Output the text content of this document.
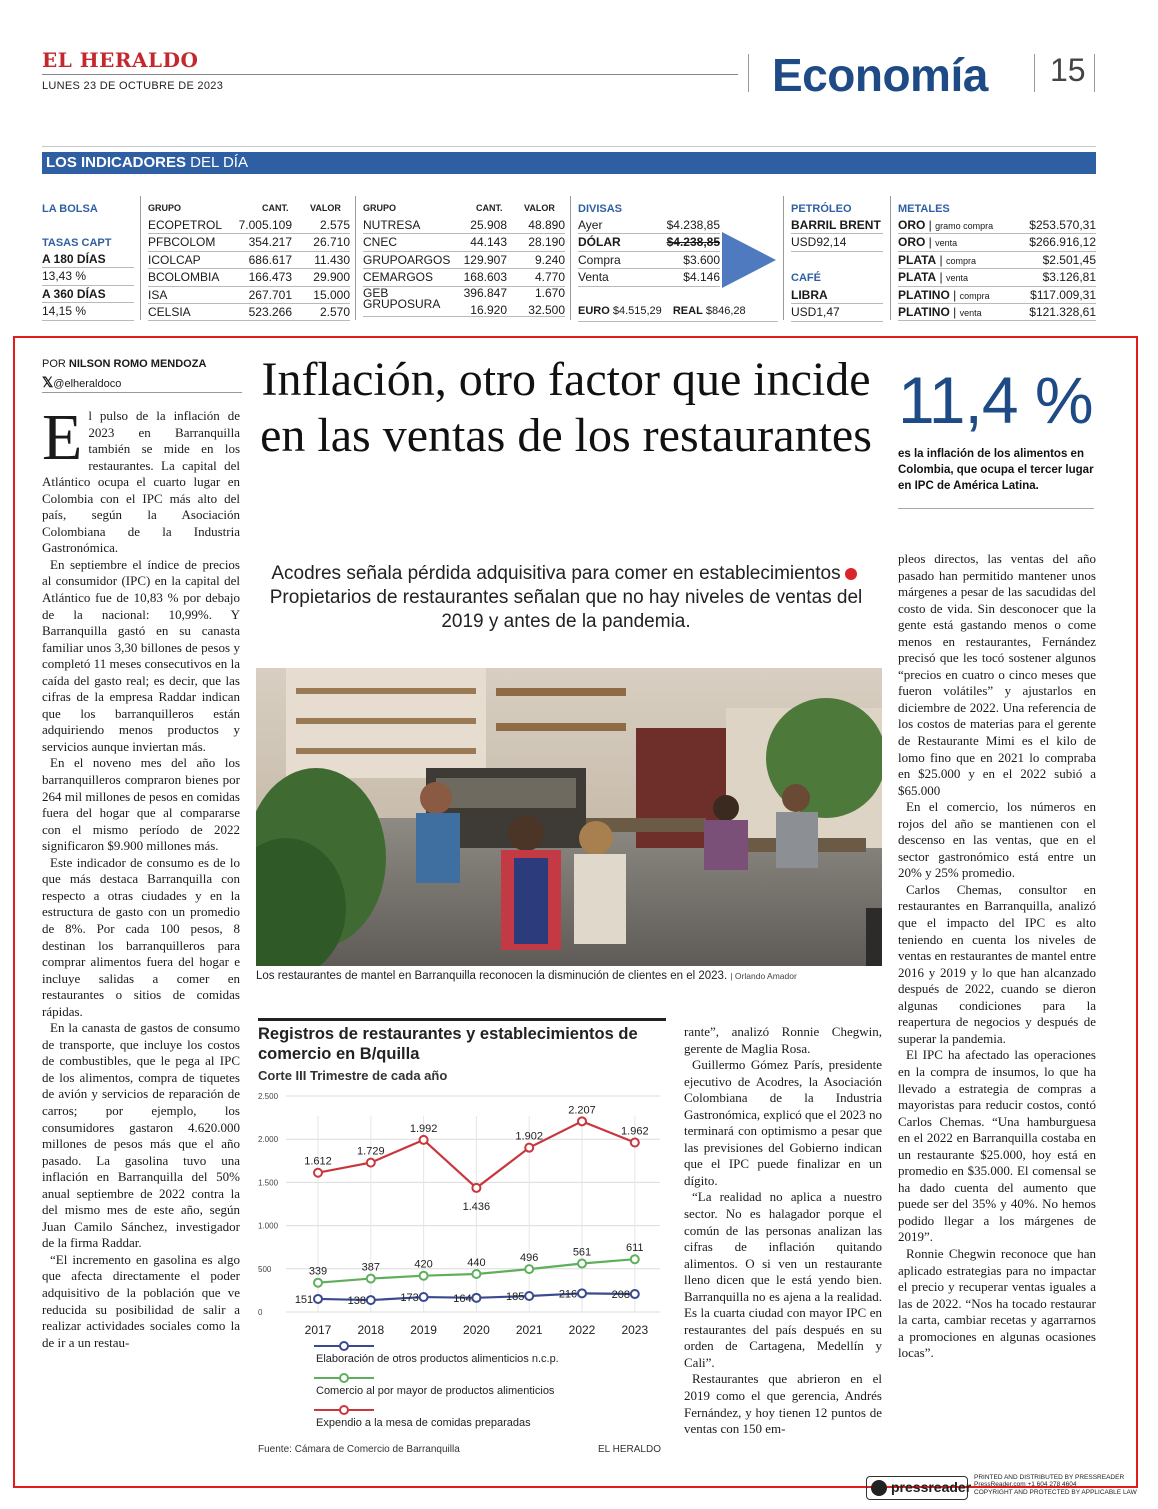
EL HERALDO
LUNES 23 DE OCTUBRE DE 2023	Economía 15
LOS INDICADORES DEL DÍA
LA BOLSA
TASAS CAPT
A 180 DÍAS
13,43 %
A 360 DÍAS
14,15 %
GRUPO	CANT. VALOR
ECOPETROL 7.005.109 2.575
PFBCOLOM	354.217 26.710
ICOLCAP	686.617 11.430
BCOLOMBIA 166.473 29.900
ISA	267.701 15.000
CELSIA	523.266 2.570
GRUPO	CANT. VALOR
NUTRESA	25.908 48.890
CNEC	44.143 28.190
GRUPOARGOS 129.907 9.240
CEMARGOS	168.603 4.770
GEB	396.847 1.670
GRUPOSURA 16.920 32.500
DIVISAS
Ayer	$4.238,85
DÓLAR	$4.238,85
Compra	$3.600
Venta	$4.146
EURO $4.515,29 REAL $846,28
PETRÓLEO
BARRIL BRENT
USD92,14
CAFÉ
LIBRA
USD1,47
METALES
ORO | gramo compra	$253.570,31
ORO | venta	$266.916,12
PLATA | compra	$2.501,45
PLATA | venta	$3.126,81
PLATINO | compra	$117.009,31
PLATINO | venta	$121.328,61
POR NILSON ROMO MENDOZA
𝕏@elheraldoco	Inflación, otro factor que incide en las ventas de los restaurantes 11,4 %
es la inflación de los alimentos en Colombia, que ocupa el tercer lugar en IPC de América Latina.
Acodres señala pérdida adquisitiva para comer en establecimientosPropietarios de restaurantes señalan que no hay niveles de ventas del 2019 y antes de la pandemia.
E l pulso de la inflación de 2023 en Barranquilla también se mide en los restaurantes. La capital del Atlántico ocupa el cuarto lugar en Colombia con el IPC más alto del país, según la Asociación Colombiana de la Industria Gastronómica.

En septiembre el índice de precios al consumidor (IPC) en la capital del Atlántico fue de 10,83 % por debajo de la nacional: 10,99%. Y Barranquilla gastó en su canasta familiar unos 3,30 billones de pesos y completó 11 meses consecutivos en la caída del gasto real; es decir, que las cifras de la empresa Raddar indican que los barranquilleros están adquiriendo menos productos y servicios aunque inviertan más.

En el noveno mes del año los barranquilleros compraron bienes por 264 mil millones de pesos en comidas fuera del hogar que al compararse con el mismo período de 2022 significaron $9.900 millones más.

Este indicador de consumo es de lo que más destaca Barranquilla con respecto a otras ciudades y en la estructura de gasto con un promedio de 8%. Por cada 100 pesos, 8 destinan los barranquilleros para comprar alimentos fuera del hogar e incluye salidas a comer en restaurantes o sitios de comidas rápidas.

En la canasta de gastos de consumo de transporte, que incluye los costos de combustibles, que le pega al IPC de los alimentos, compra de tiquetes de avión y servicios de reparación de carros; por ejemplo, los consumidores gastaron 4.620.000 millones de pesos más que el año pasado. La gasolina tuvo una inflación en Barranquilla del 50% anual septiembre de 2022 contra la del mismo mes de este año, según Juan Camilo Sánchez, investigador de la firma Raddar.

“El incremento en gasolina es algo que afecta directamente el poder adquisitivo de la población que ve reducida su posibilidad de salir a realizar actividades sociales como la de ir a un restau-

Los restaurantes de mantel en Barranquilla reconocen la disminución de clientes en el 2023. | Orlando Amador
Registros de restaurantes y establecimientos de comercio en B/quilla
Corte III Trimestre de cada año
2.500
2.000
1.500
1.000
500
0
1.612
1.729
1.992
1.436
1.902
2.207
1.962
339	387	420	440	496	561	611
151	138	173	164	185	216	208
2017 2018 2019 2020 2021 2022 2023
Elaboración de otros productos alimenticios n.c.p.
Comercio al por mayor de productos alimenticios
Expendio a la mesa de comidas preparadas
Fuente: Cámara de Comercio de Barranquilla	EL HERALDO

rante”, analizó Ronnie Chegwin, gerente de Maglia Rosa.

Guillermo Gómez París, presidente ejecutivo de Acodres, la Asociación Colombiana de la Industria Gastronómica, explicó que el 2023 no terminará con optimismo a pesar que las previsiones del Gobierno indican que el IPC puede finalizar en un dígito.

“La realidad no aplica a nuestro sector. No es halagador porque el común de las personas analizan las cifras de inflación quitando alimentos. O si ven un restaurante lleno dicen que le está yendo bien. Barranquilla no es ajena a la realidad. Es la cuarta ciudad con mayor IPC en restaurantes del país después en su orden de Cartagena, Medellín y Cali”.

Restaurantes que abrieron en el 2019 como el que gerencia, Andrés Fernández, y hoy tienen 12 puntos de ventas con 150 em-

pleos directos, las ventas del año pasado han permitido mantener unos márgenes a pesar de las sacudidas del costo de vida. Sin desconocer que la gente está gastando menos o come menos en restaurantes, Fernández precisó que les tocó sostener algunos “precios en cuatro o cinco meses que fueron volátiles” y ajustarlos en diciembre de 2022. Una referencia de los costos de materias para el gerente de Restaurante Mimi es el kilo de lomo fino que en 2021 lo compraba en $25.000 y en el 2022 subió a $65.000

En el comercio, los números en rojos del año se mantienen con el descenso en las ventas, que en el sector gastronómico está entre un 20% y 25% promedio.

Carlos Chemas, consultor en restaurantes en Barranquilla, analizó que el impacto del IPC es alto teniendo en cuenta los niveles de ventas en restaurantes de mantel entre 2016 y 2019 y lo que han alcanzado después de 2022, cuando se dieron algunas condiciones para la reapertura de negocios y después de superar la pandemia.

El IPC ha afectado las operaciones en la compra de insumos, lo que ha llevado a estrategia de compras a mayoristas para reducir costos, contó Carlos Chemas. “Una hamburguesa en el 2022 en Barranquilla costaba en un restaurante $25.000, hoy está en promedio en $35.000. El comensal se ha dado cuenta del aumento que puede ser del 35% y 40%. No hemos podido llegar a los márgenes de 2019”.

Ronnie Chegwin reconoce que han aplicado estrategias para no impactar el precio y recuperar ventas iguales a las de 2022. “Nos ha tocado restaurar la carta, cambiar recetas y agarrarnos a promociones en algunas ocasiones locas”.

pressreader
PRINTED AND DISTRIBUTED BY PRESSREADER
PressReader.com +1 604 278 4604
COPYRIGHT AND PROTECTED BY APPLICABLE LAW
